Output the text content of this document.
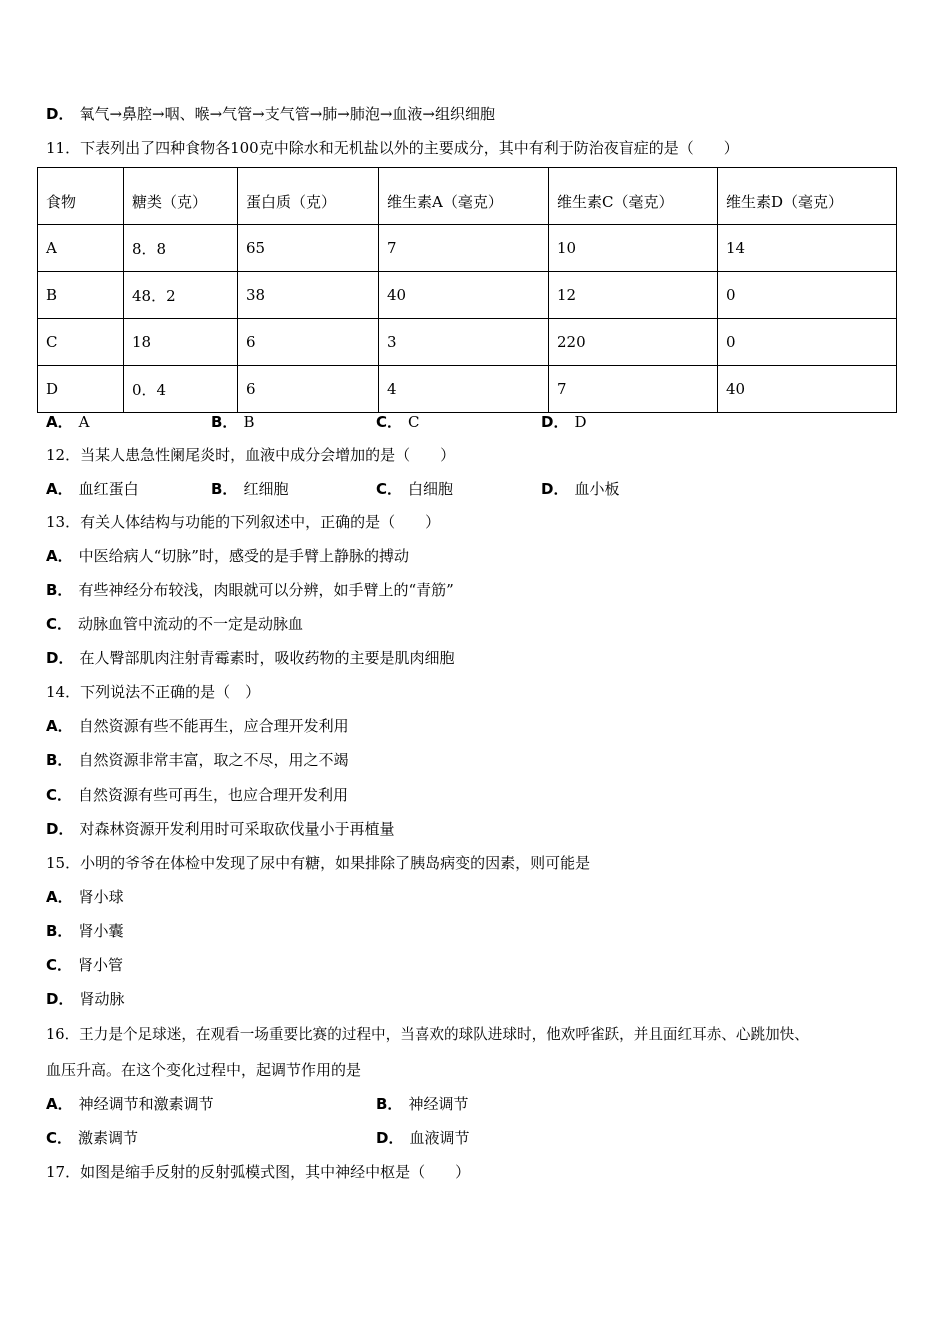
D． 氧气→鼻腔→咽、喉→气管→支气管→肺→肺泡→血液→组织细胞
11．下表列出了四种食物各100克中除水和无机盐以外的主要成分，其中有利于防治夜盲症的是（　　）
食物	糖类（克）	蛋白质（克）	维生素A（毫克）	维生素C（毫克）	维生素D（毫克）
A	8．8	65	7	10	14
B	48．2	38	40	12	0
C	18	6	3	220	0
D	0．4	6	4	7	40
A． A	B． B	C． C	D． D
12．当某人患急性阑尾炎时，血液中成分会增加的是（　　）
A． 血红蛋白	B． 红细胞	C． 白细胞	D． 血小板
13．有关人体结构与功能的下列叙述中，正确的是（　　）
A． 中医给病人“切脉”时，感受的是手臂上静脉的搏动
B． 有些神经分布较浅，肉眼就可以分辨，如手臂上的“青筋”
C． 动脉血管中流动的不一定是动脉血
D． 在人臀部肌肉注射青霉素时，吸收药物的主要是肌肉细胞
14．下列说法不正确的是（　）
A． 自然资源有些不能再生，应合理开发利用
B． 自然资源非常丰富，取之不尽，用之不竭
C． 自然资源有些可再生，也应合理开发利用
D． 对森林资源开发利用时可采取砍伐量小于再植量
15．小明的爷爷在体检中发现了尿中有糖，如果排除了胰岛病变的因素，则可能是
A． 肾小球
B． 肾小囊
C． 肾小管
D． 肾动脉
16．王力是个足球迷，在观看一场重要比赛的过程中，当喜欢的球队进球时，他欢呼雀跃，并且面红耳赤、心跳加快、
血压升高。在这个变化过程中，起调节作用的是
A． 神经调节和激素调节	B． 神经调节
C． 激素调节	D． 血液调节
17．如图是缩手反射的反射弧模式图，其中神经中枢是（　　）
